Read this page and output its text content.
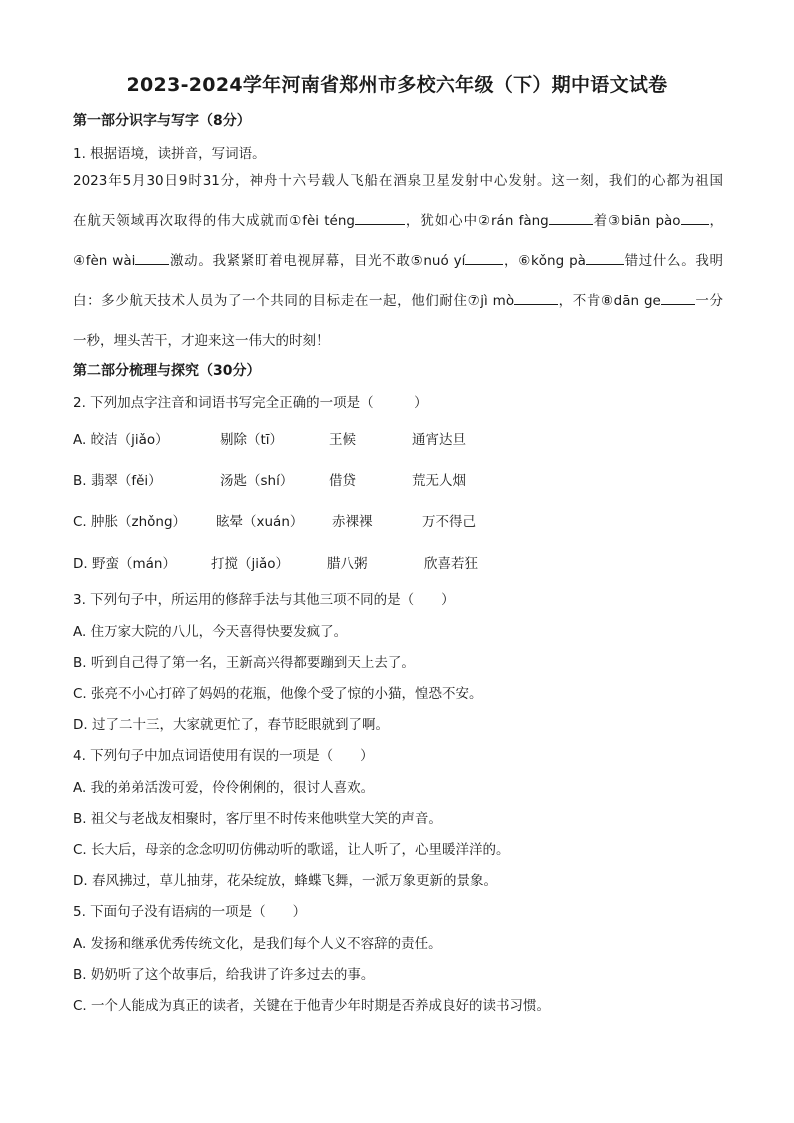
2023-2024学年河南省郑州市多校六年级（下）期中语文试卷
第一部分识字与写字（8分）
1. 根据语境，读拼音，写词语。
2023年5月30日9时31分，神舟十六号载人飞船在酒泉卫星发射中心发射。这一刻，我们的心都为祖国
在航天领域再次取得的伟大成就而①fèi téng	，犹如心中②rán fàng	着③biān pào ，
④fèn wài	激动。我紧紧盯着电视屏幕，目光不敢⑤nuó yí	，⑥kǒng pà	错过什么。我明
白：多少航天技术人员为了一个共同的目标走在一起，他们耐住⑦jì mò	，不肯⑧dān ge	一分
一秒，埋头苦干，才迎来这一伟大的时刻！
第二部分梳理与探究（30分）
2. 下列加点字注音和词语书写完全正确的一项是（　　　）
A. 皎洁（jiǎo）	剔除（tī）	王候	通宵达旦
B. 翡翠（fěi）	汤匙（shí）	借贷	荒无人烟
C. 肿胀（zhǒng） 眩晕（xuán） 赤裸裸	万不得己
D. 野蛮（mán）	打搅（jiǎo）	腊八粥	欣喜若狂
3. 下列句子中，所运用的修辞手法与其他三项不同的是（　　）
A. 住万家大院的八儿，今天喜得快要发疯了。
B. 听到自己得了第一名，王新高兴得都要蹦到天上去了。
C. 张亮不小心打碎了妈妈的花瓶，他像个受了惊的小猫，惶恐不安。
D. 过了二十三，大家就更忙了，春节眨眼就到了啊。
4. 下列句子中加点词语使用有误的一项是（　　）
A. 我的弟弟活泼可爱，伶伶俐俐的，很讨人喜欢。
B. 祖父与老战友相聚时，客厅里不时传来他哄堂大笑的声音。
C. 长大后，母亲的念念叨叨仿佛动听的歌谣，让人听了，心里暖洋洋的。
D. 春风拂过，草儿抽芽，花朵绽放，蜂蝶飞舞，一派万象更新的景象。
5. 下面句子没有语病的一项是（　　）
A. 发扬和继承优秀传统文化，是我们每个人义不容辞的责任。
B. 奶奶听了这个故事后，给我讲了许多过去的事。
C. 一个人能成为真正的读者，关键在于他青少年时期是否养成良好的读书习惯。
